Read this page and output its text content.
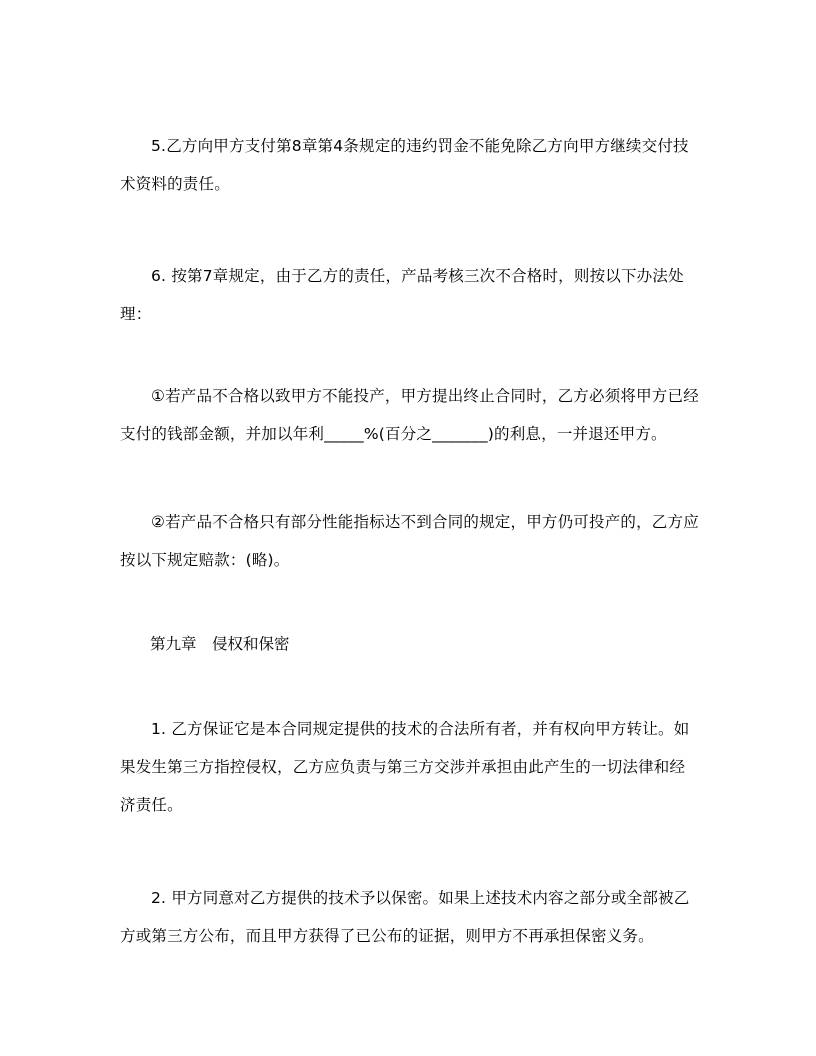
5.乙方向甲方支付第8章第4条规定的违约罚金不能免除乙方向甲方继续交付技术资料的责任。

6. 按第7章规定，由于乙方的责任，产品考核三次不合格时，则按以下办法处理：

①若产品不合格以致甲方不能投产，甲方提出终止合同时，乙方必须将甲方已经支付的钱部金额，并加以年利_____%(百分之_______)的利息，一并退还甲方。

②若产品不合格只有部分性能指标达不到合同的规定，甲方仍可投产的，乙方应按以下规定赔款：(略)。

第九章　侵权和保密

1. 乙方保证它是本合同规定提供的技术的合法所有者，并有权向甲方转让。如果发生第三方指控侵权，乙方应负责与第三方交涉并承担由此产生的一切法律和经济责任。

2. 甲方同意对乙方提供的技术予以保密。如果上述技术内容之部分或全部被乙方或第三方公布，而且甲方获得了已公布的证据，则甲方不再承担保密义务。
